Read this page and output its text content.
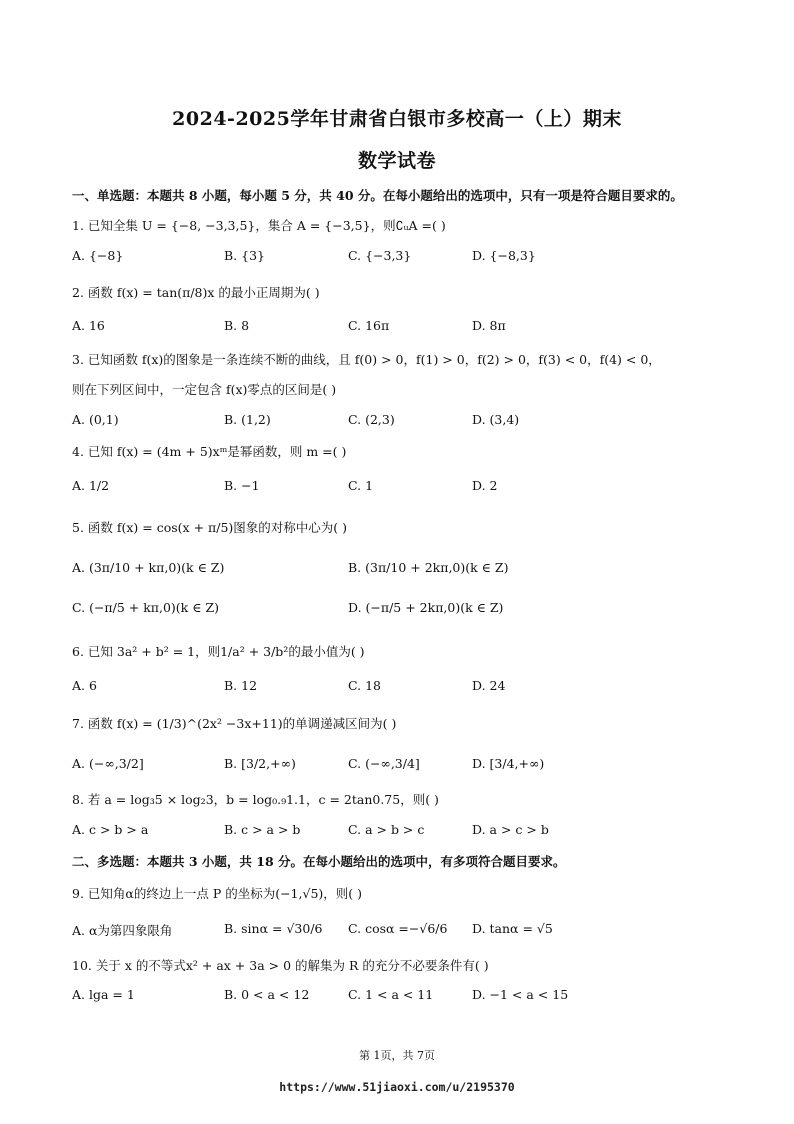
2024-2025学年甘肃省白银市多校高一（上）期末
数学试卷
一、单选题：本题共 8 小题，每小题 5 分，共 40 分。在每小题给出的选项中，只有一项是符合题目要求的。
1. 已知全集 U = {−8, −3,3,5}，集合 A = {−3,5}，则∁ᵤA =( )
A. {−8}	B. {3}	C. {−3,3}	D. {−8,3}
2. 函数 f(x) = tan(π/8)x 的最小正周期为( )
A. 16	B. 8	C. 16π	D. 8π
3. 已知函数 f(x)的图象是一条连续不断的曲线，且 f(0) > 0，f(1) > 0，f(2) > 0，f(3) < 0，f(4) < 0，
则在下列区间中，一定包含 f(x)零点的区间是( )
A. (0,1)	B. (1,2)	C. (2,3)	D. (3,4)
4. 已知 f(x) = (4m + 5)xᵐ是幂函数，则 m =( )
A. 1/2	B. −1	C. 1	D. 2
5. 函数 f(x) = cos(x + π/5)图象的对称中心为( )
A. (3π/10 + kπ,0)(k ∈ Z)	B. (3π/10 + 2kπ,0)(k ∈ Z)
C. (−π/5 + kπ,0)(k ∈ Z)	D. (−π/5 + 2kπ,0)(k ∈ Z)
6. 已知 3a² + b² = 1，则1/a² + 3/b²的最小值为( )
A. 6	B. 12	C. 18	D. 24
7. 函数 f(x) = (1/3)^(2x² −3x+11)的单调递减区间为( )
A. (−∞,3/2]	B. [3/2,+∞)	C. (−∞,3/4]	D. [3/4,+∞)
8. 若 a = log₃5 × log₂3，b = log₀.₉1.1，c = 2tan0.75，则( )
A. c > b > a	B. c > a > b	C. a > b > c	D. a > c > b
二、多选题：本题共 3 小题，共 18 分。在每小题给出的选项中，有多项符合题目要求。
9. 已知角α的终边上一点 P 的坐标为(−1,√5)，则( )
A. α为第四象限角	B. sinα = √30/6 C. cosα =−√6/6 D. tanα = √5
10. 关于 x 的不等式x² + ax + 3a > 0 的解集为 R 的充分不必要条件有( )
A. lga = 1	B. 0 < a < 12	C. 1 < a < 11	D. −1 < a < 15
第 1页，共 7页
https://www.51jiaoxi.com/u/2195370
